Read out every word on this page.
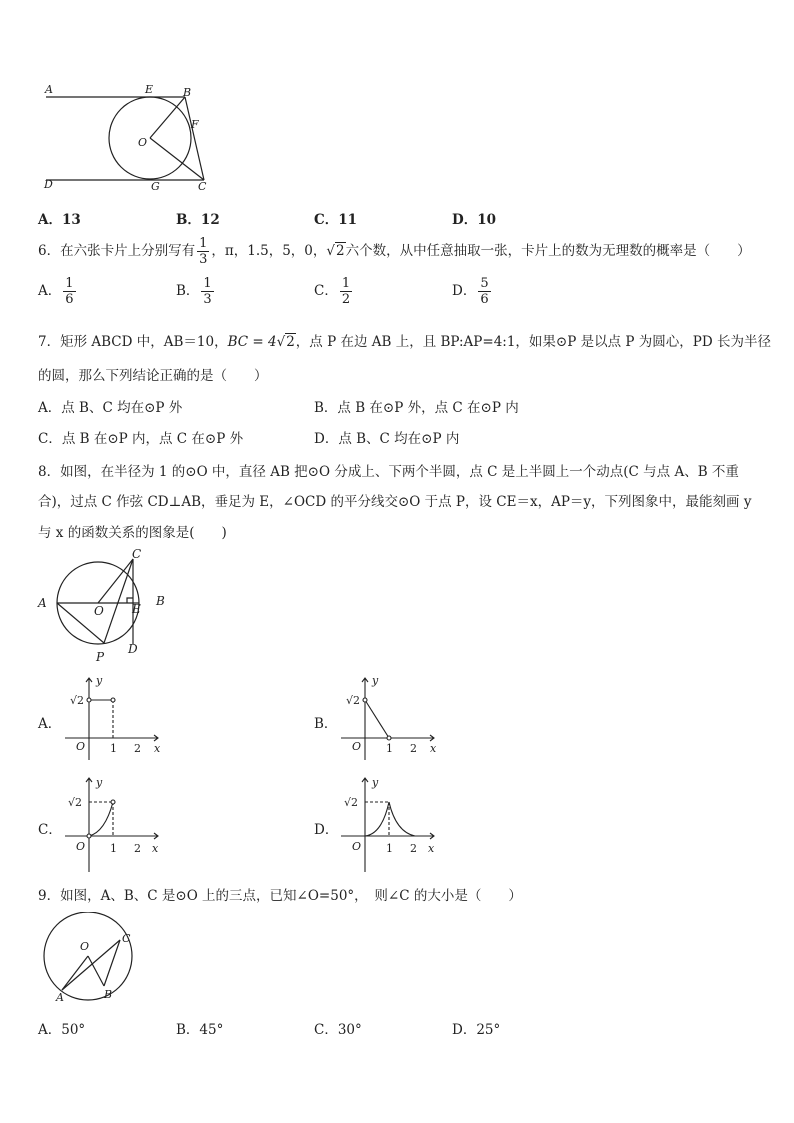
A	E	B
F
O
D	G	C
A．13	B．12	C．11	D．10
6．在六张卡片上分别写有 $\frac{1}{3}$ ，π，1.5，5，0，√2六个数，从中任意抽取一张，卡片上的数为无理数的概率是（　　）
A． $\frac{1}{6}$	B． $\frac{1}{3}$	C． $\frac{1}{2}$	D． $\frac{5}{6}$
7．矩形 ABCD 中，AB＝10，BC = 4√2，点 P 在边 AB 上，且 BP:AP=4:1，如果⊙P 是以点 P 为圆心，PD 长为半径
的圆，那么下列结论正确的是（　　）
A．点 B、C 均在⊙P 外	B．点 B 在⊙P 外，点 C 在⊙P 内
C．点 B 在⊙P 内，点 C 在⊙P 外	D．点 B、C 均在⊙P 内
8．如图，在半径为 1 的⊙O 中，直径 AB 把⊙O 分成上、下两个半圆，点 C 是上半圆上一个动点(C 与点 A、B 不重
合)，过点 C 作弦 CD⊥AB，垂足为 E，∠OCD 的平分线交⊙O 于点 P，设 CE＝x，AP＝y，下列图象中，最能刻画 y
与 x 的函数关系的图象是(　　)
A
O
C
E
B
D
P
A．	B．
C．	D．
y
√2
O 1 2 x
y
√2
O 1 2 x
y
√2
O 1 2 x
y
√2
O 1 2 x
9．如图，A、B、C 是⊙O 上的三点，已知∠O=50°，　则∠C 的大小是（　　）
O
C
A	B
A．50°	B．45°	C．30°	D．25°
